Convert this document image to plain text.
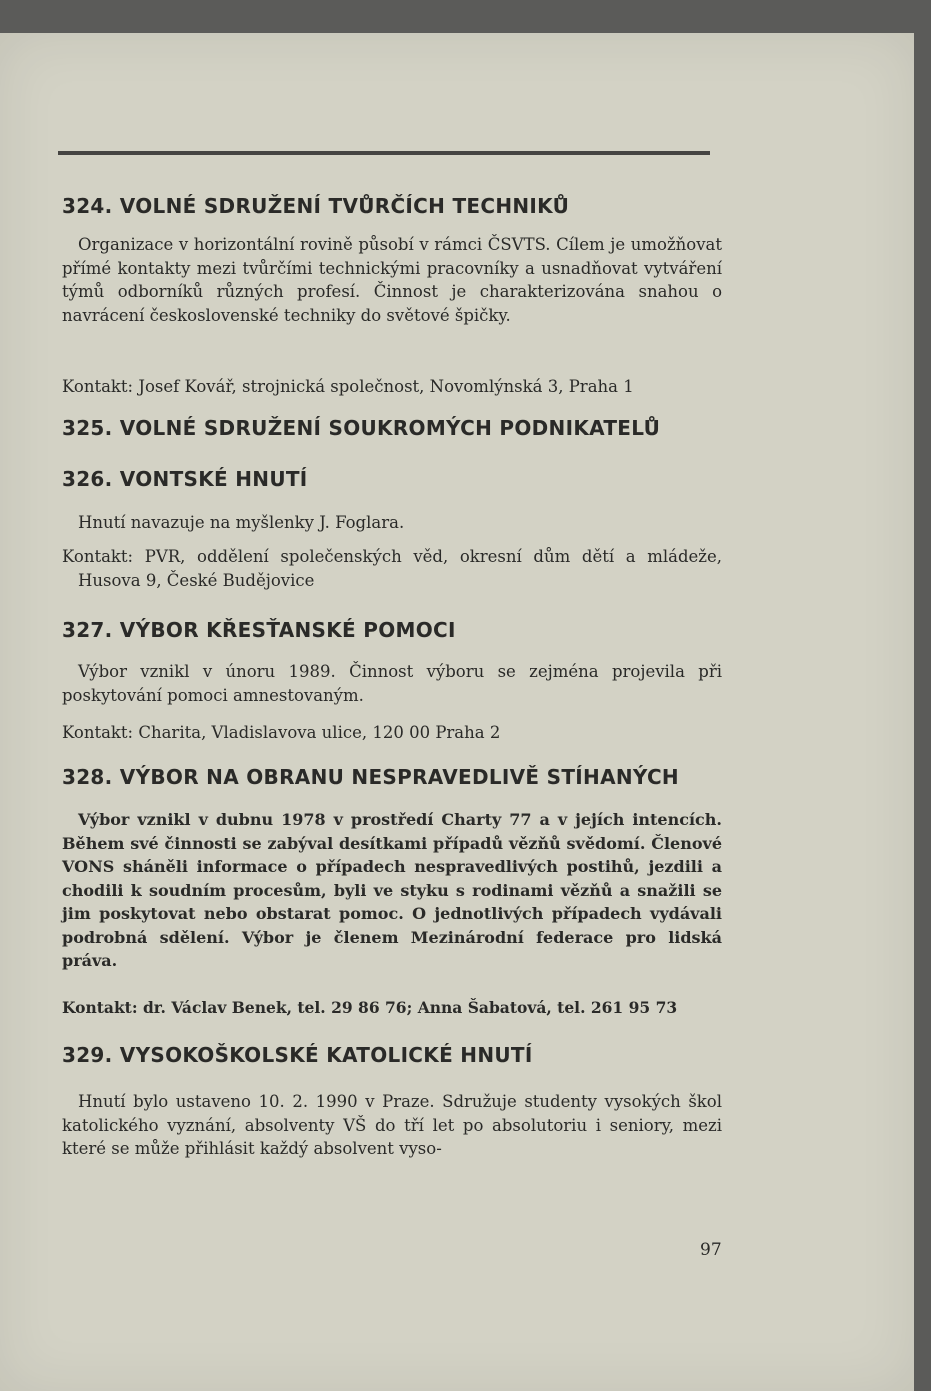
324. VOLNÉ SDRUŽENÍ TVŮRČÍCH TECHNIKŮ
Organizace v horizontální rovině působí v rámci ČSVTS. Cílem je umožňovat přímé kontakty mezi tvůrčími technickými pracovníky a usnadňovat vytváření týmů odborníků různých profesí. Činnost je charakterizována snahou o navrácení československé techniky do světové špičky.
Kontakt: Josef Kovář, strojnická společnost, Novomlýnská 3, Praha 1
325. VOLNÉ SDRUŽENÍ SOUKROMÝCH PODNIKATELŮ
326. VONTSKÉ HNUTÍ
Hnutí navazuje na myšlenky J. Foglara.
Kontakt: PVR, oddělení společenských věd, okresní dům dětí a mládeže, Husova 9, České Budějovice
327. VÝBOR KŘESŤANSKÉ POMOCI
Výbor vznikl v únoru 1989. Činnost výboru se zejména projevila při poskytování pomoci amnestovaným.
Kontakt: Charita, Vladislavova ulice, 120 00 Praha 2
328. VÝBOR NA OBRANU NESPRAVEDLIVĚ STÍHANÝCH
Výbor vznikl v dubnu 1978 v prostředí Charty 77 a v jejích intencích. Během své činnosti se zabýval desítkami případů vězňů svědomí. Členové VONS sháněli informace o případech nespravedlivých postihů, jezdili a chodili k soudním procesům, byli ve styku s rodinami vězňů a snažili se jim poskytovat nebo obstarat pomoc. O jednotlivých případech vydávali podrobná sdělení. Výbor je členem Mezinárodní federace pro lidská práva.
Kontakt: dr. Václav Benek, tel. 29 86 76; Anna Šabatová, tel. 261 95 73
329. VYSOKOŠKOLSKÉ KATOLICKÉ HNUTÍ
Hnutí bylo ustaveno 10. 2. 1990 v Praze. Sdružuje studenty vysokých škol katolického vyznání, absolventy VŠ do tří let po absolutoriu i seniory, mezi které se může přihlásit každý absolvent vyso-
97
